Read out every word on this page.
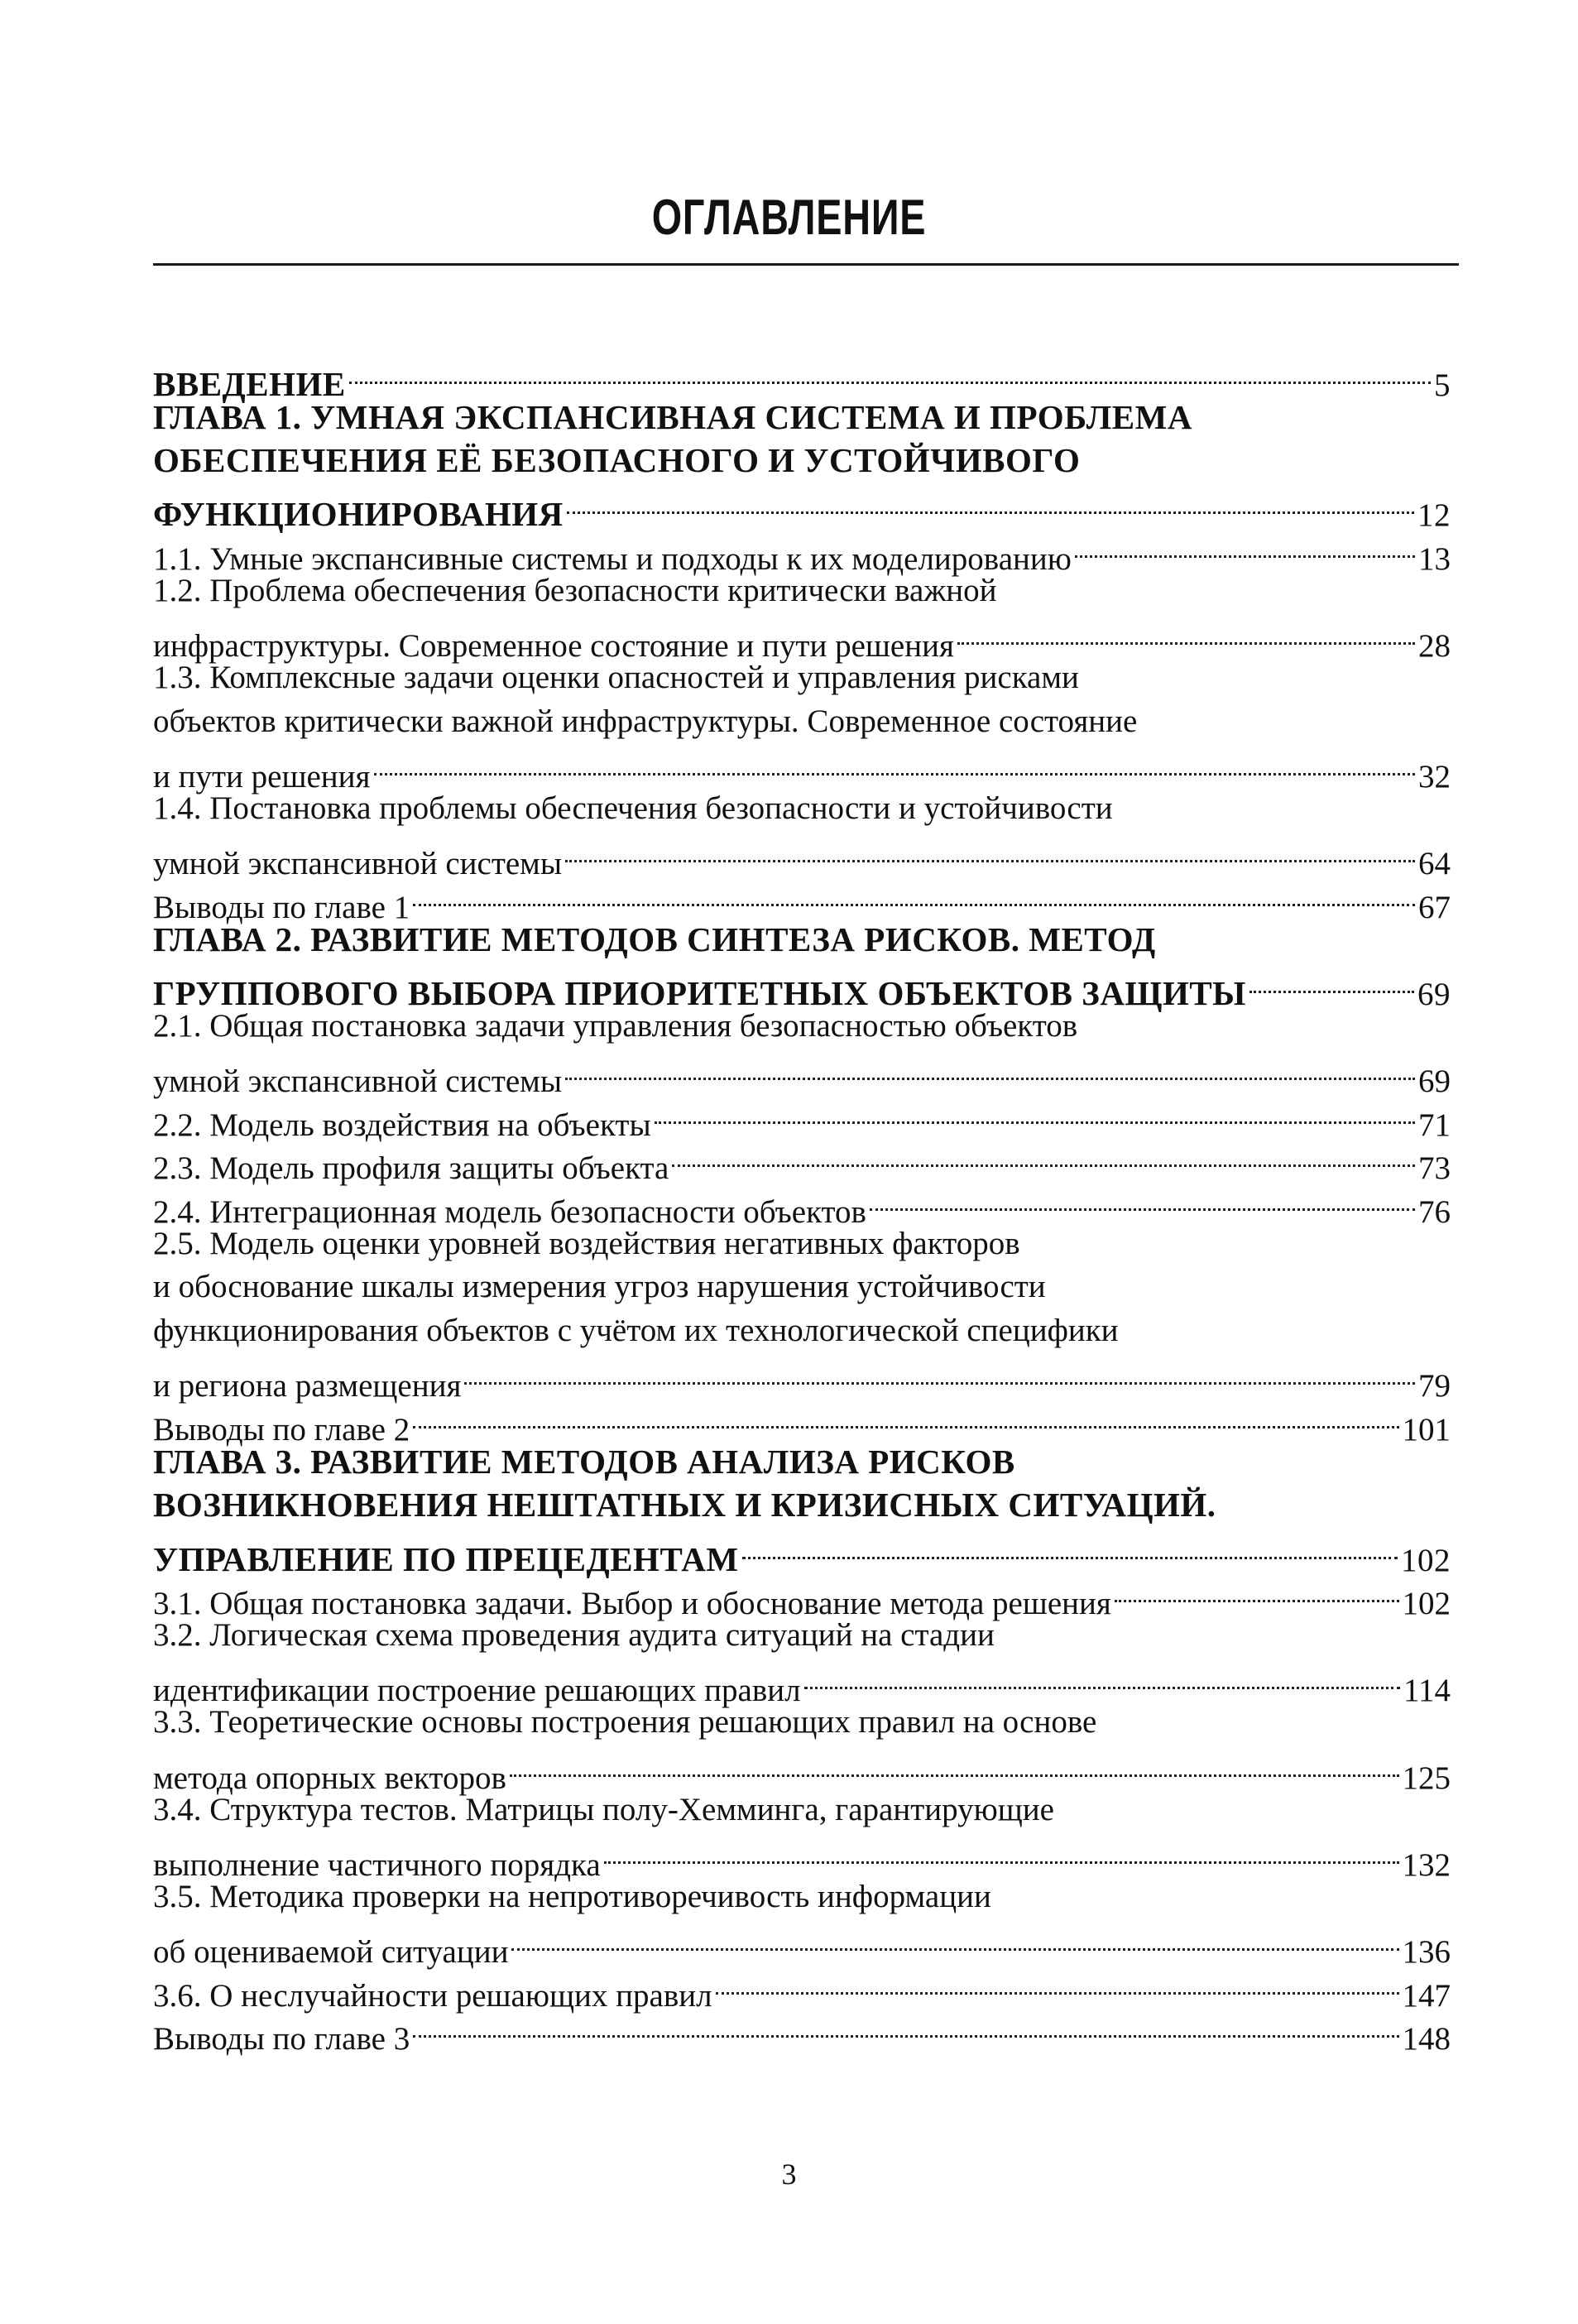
ОГЛАВЛЕНИЕ
ВВЕДЕНИЕ	5
ГЛАВА 1. УМНАЯ ЭКСПАНСИВНАЯ СИСТЕМА И ПРОБЛЕМА
ОБЕСПЕЧЕНИЯ ЕЁ БЕЗОПАСНОГО И УСТОЙЧИВОГО
ФУНКЦИОНИРОВАНИЯ	12
1.1. Умные экспансивные системы и подходы к их моделированию	13
1.2. Проблема обеспечения безопасности критически важной
инфраструктуры. Современное состояние и пути решения	28
1.3. Комплексные задачи оценки опасностей и управления рисками
объектов критически важной инфраструктуры. Современное состояние
и пути решения	32
1.4. Постановка проблемы обеспечения безопасности и устойчивости
умной экспансивной системы	64
Выводы по главе 1	67
ГЛАВА 2. РАЗВИТИЕ МЕТОДОВ СИНТЕЗА РИСКОВ. МЕТОД
ГРУППОВОГО ВЫБОРА ПРИОРИТЕТНЫХ ОБЪЕКТОВ ЗАЩИТЫ	69
2.1. Общая постановка задачи управления безопасностью объектов
умной экспансивной системы	69
2.2. Модель воздействия на объекты	71
2.3. Модель профиля защиты объекта	73
2.4. Интеграционная модель безопасности объектов	76
2.5. Модель оценки уровней воздействия негативных факторов
и обоснование шкалы измерения угроз нарушения устойчивости
функционирования объектов с учётом их технологической специфики
и региона размещения	79
Выводы по главе 2	101
ГЛАВА 3. РАЗВИТИЕ МЕТОДОВ АНАЛИЗА РИСКОВ
ВОЗНИКНОВЕНИЯ НЕШТАТНЫХ И КРИЗИСНЫХ СИТУАЦИЙ.
УПРАВЛЕНИЕ ПО ПРЕЦЕДЕНТАМ	102
3.1. Общая постановка задачи. Выбор и обоснование метода решения	102
3.2. Логическая схема проведения аудита ситуаций на стадии
идентификации построение решающих правил	114
3.3. Теоретические основы построения решающих правил на основе
метода опорных векторов	125
3.4. Структура тестов. Матрицы полу-Хемминга, гарантирующие
выполнение частичного порядка	132
3.5. Методика проверки на непротиворечивость информации
об оцениваемой ситуации	136
3.6. О неслучайности решающих правил	147
Выводы по главе 3	148
3
